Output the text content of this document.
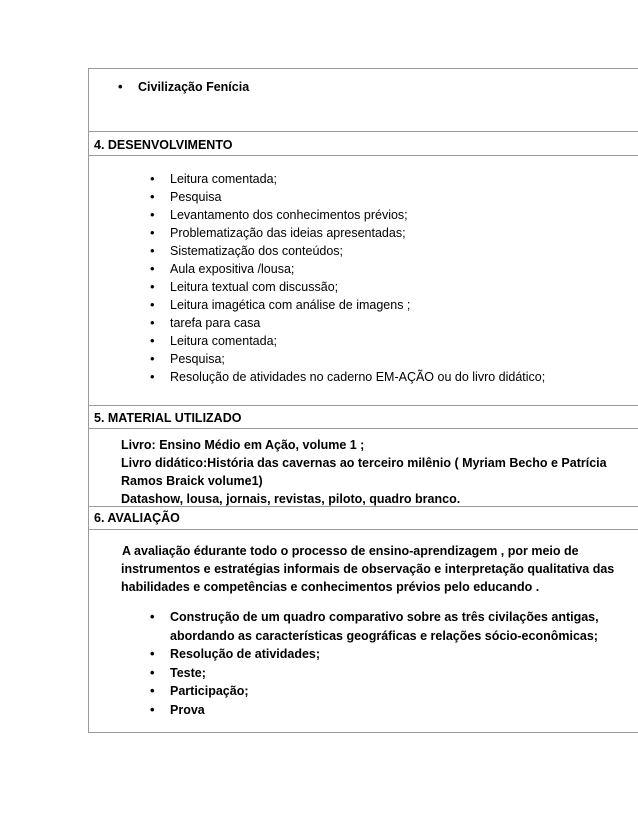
• Civilização Fenícia
4. DESENVOLVIMENTO
• Leitura comentada;
• Pesquisa
• Levantamento dos conhecimentos prévios;
• Problematização das ideias apresentadas;
• Sistematização dos conteúdos;
• Aula expositiva /lousa;
• Leitura textual com discussão;
• Leitura imagética com análise de imagens ;
• tarefa para casa
• Leitura comentada;
• Pesquisa;
• Resolução de atividades no caderno EM-AÇÃO ou do livro didático;
5. MATERIAL UTILIZADO
Livro: Ensino Médio em Ação, volume 1 ;
Livro didático:História das cavernas ao terceiro milênio ( Myriam Becho e Patrícia
Ramos Braick volume1)
Datashow, lousa, jornais, revistas, piloto, quadro branco.
6. AVALIAÇÃO
A avaliação édurante todo o processo de ensino-aprendizagem , por meio de
instrumentos e estratégias informais de observação e interpretação qualitativa das
habilidades e competências e conhecimentos prévios pelo educando .
• Construção de um quadro comparativo sobre as três civilações antigas,
abordando as características geográficas e relações sócio-econômicas;
• Resolução de atividades;
• Teste;
• Participação;
• Prova
